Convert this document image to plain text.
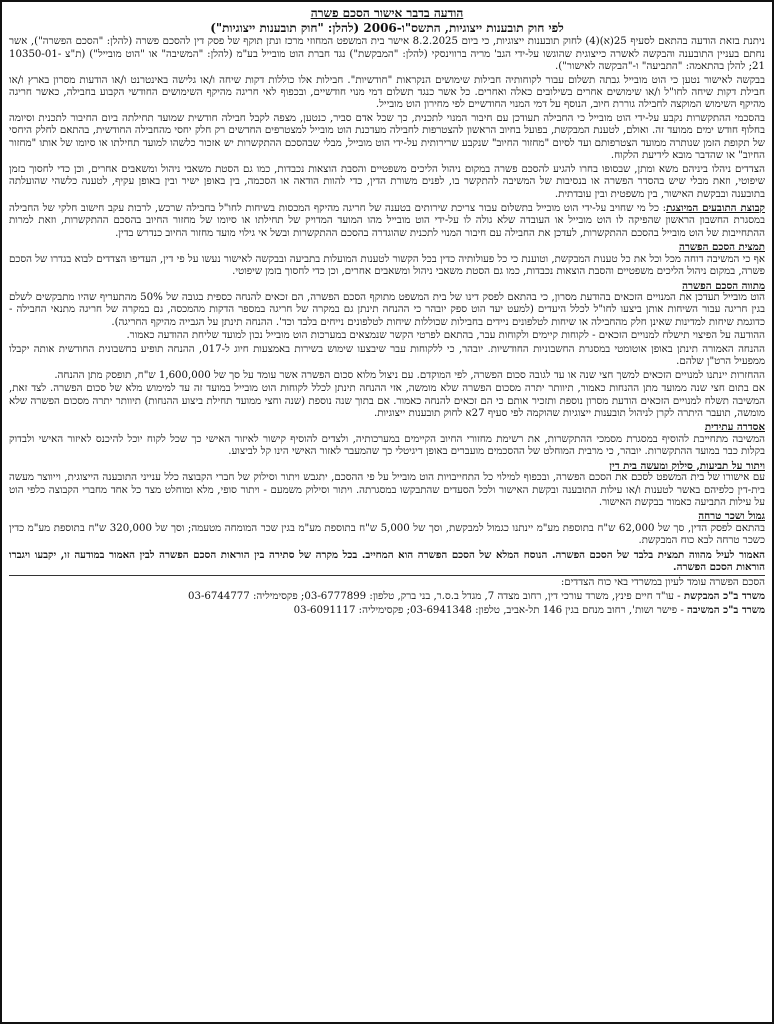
הודעה בדבר אישור הסכם פשרה
לפי חוק תובענות ייצוגיות, התשס"ו-2006 (להלן: "חוק תובענות ייצוגיות")

ניתנת בזאת הודעה בהתאם לסעיף 25(א)(4) לחוק תובענות ייצוגיות, כי ביום 8.2.2025 אישר בית המשפט המחוזי מרכז ונתן תוקף של פסק דין להסכם פשרה (להלן: "הסכם הפשרה"), אשר נחתם בעניין התובענה והבקשה לאשרה כייצוגית שהוגשו על-ידי הגב' מריה ברווינסקי (להלן: "המבקשת") נגד חברת הוט מובייל בע"מ (להלן: "המשיבה" או "הוט מובייל") (ת"צ 10350-01-21; להלן בהתאמה: "התביעה" ו-"הבקשה לאישור").

בבקשה לאישור נטען כי הוט מובייל גבתה תשלום עבור לקוחותיה חבילות שימושים הנקראות "חודשיות". חבילות אלו כוללות דקות שיחה ו/או גלישה באינטרנט ו/או הודעות מסרון בארץ ו/או חבילת דקות שיחה לחו"ל ו/או שימושים אחרים בשילובים כאלה ואחרים. כל אשר כנגד תשלום דמי מנוי חודשיים, ובכפוף לאי חריגה מהיקף השימושים החודשי הקבוע בחבילה, כאשר חריגה מהיקף השימוש המוקצה לחבילה גוררת חיוב, הנוסף על דמי המנוי החודשיים לפי מחירון הוט מובייל.

בהסכמי ההתקשרות נקבע על-ידי הוט מובייל כי החבילה תעודכן עם חיבור המנוי לתכנית, כך שכל אדם סביר, כנטען, מצפה לקבל חבילה חודשית שמועד תחילתה ביום החיבור לתכנית וסיומה בחלוף חודש ימים ממועד זה. ואולם, לטענת המבקשת, בפועל בחיוב הראשון להצטרפות לחבילה מעדכנת הוט מובייל למצטרפים החדשים רק חלק יחסי מהחבילה החודשית, בהתאם לחלק היחסי של תקופת הזמן שנותרה ממועד הצטרפותם ועד לסיום "מחזור החיוב" שנקבע שרירותית על-ידי הוט מובייל, מבלי שבהסכם ההתקשרות יש אזכור כלשהו למועד תחילתו או סיומו של אותו "מחזור החיוב" או שהדבר מובא לידיעת הלקוח.

הצדדים ניהלו ביניהם משא ומתן, שבסופו בחרו להגיע להסכם פשרה במקום ניהול הליכים משפטיים והסבת הוצאות נכבדות, כמו גם הסטת משאבי ניהול ומשאבים אחרים, וכן כדי לחסוך בזמן שיפוטי, וזאת מבלי שיש בהסדר הפשרה או בנסיבות של המשיבה להתקשר בו, לפנים משורת הדין, כדי להוות הודאה או הסכמה, בין באופן ישיר ובין באופן עקיף, לטענה כלשהי שהועלתה בתובענה ובבקשת האישור, בין משפטית ובין עובדתית.

קבוצת התובעים המיוצגת: כל מי שחויב על-ידי הוט מובייל בתשלום עבור צריכת שירותים בטענה של חריגה מהיקף המכסות בשיחות לחו"ל בחבילה שרכש, לרבות עקב חישוב חלקי של החבילה במסגרת החשבון הראשון שהפיקה לו הוט מובייל או העובדה שלא גולה לו על-ידי הוט מובייל מהו המועד המדויק של תחילתו או סיומו של מחזור החיוב בהסכם ההתקשרות, וזאת למרות ההתחייבות של הוט מובייל בהסכם ההתקשרות, לעדכן את החבילה עם חיבור המנוי לתכנית שהוגדרה בהסכם ההתקשרות ובשל אי גילוי מועד מחזור החיוב כנדרש בדין.

תמצית הסכם הפשרה

אף כי המשיבה דוחה מכל וכל את כל טענות המבקשת, וטוענת כי כל פעולותיה כדין בכל הקשור לטענות המועלות בתביעה ובבקשה לאישור נעשו על פי דין, העדיפו הצדדים לבוא בגדרו של הסכם פשרה, במקום ניהול הליכים משפטיים והסבת הוצאות נכבדות, כמו גם הסטת משאבי ניהול ומשאבים אחרים, וכן כדי לחסוך בזמן שיפוטי.

מתווה הסכם הפשרה

הוט מובייל תעדכן את המנויים הזכאים בהודעת מסרון, כי בהתאם לפסק דינו של בית המשפט מתוקף הסכם הפשרה, הם זכאים להנחה כספית בגובה של 50% מהתעריף שהיו מתבקשים לשלם בגין חריגה עבור השיחות אותן ביצעו לחו"ל לכלל היעדים (למעט יעד הוט ספק יובהר כי ההנחה תינתן גם במקרה של חריגה במספר הדקות מהמכסה, גם במקרה של חריגה מתנאי החבילה - כדוגמת שיחות למדינות שאינן חלק מהחבילה או שיחות לטלפונים ניידים בחבילות שכוללות שיחות לטלפונים נייחים בלבד וכד'. ההנחה תינתן על הגבייה מהיקף החריגה).

ההודעה על הפיצוי תישלח למנויים הזכאים - לקוחות קיימים ולקוחות עבר, בהתאם לפרטי הקשר שנמצאים במערכות הוט מובייל נכון למועד שליחת ההודעה כאמור.

ההנחה האמורה תינתן באופן אוטומטי במסגרת החשבוניות החודשיות. יובהר, כי ללקוחות עבר שיבצעו שימוש בשירות באמצעות חיוג ל-017, ההנחה תופיע בחשבונית החודשית אותה יקבלו ממפעיל הרט"ן שלהם.

ההחזרות יינתנו למנויים הזכאים למשך חצי שנה או עד לגובה סכום הפשרה, לפי המוקדם. עם ניצול מלוא סכום הפשרה אשר עומד על סך של 1,600,000 ש"ח, תופסק מתן ההנחה.

אם בתום חצי שנה ממועד מתן ההנחות כאמור, תיוותר יתרה מסכום הפשרה שלא מומשה, אזי ההנחה תינתן לכלל לקוחות הוט מובייל במועד זה עד למימוש מלא של סכום הפשרה. לצד זאת, המשיבה תשלח למנויים הזכאים הודעת מסרון נוספת ותזכיר אותם כי הם זכאים להנחה כאמור. אם בתוך שנה נוספת (שנה וחצי ממועד תחילת ביצוע ההנחות) תיוותר יתרה מסכום הפשרה שלא מומשה, תועבר היתרה לקרן לניהול תובענות ייצוגיות שהוקמה לפי סעיף 27א לחוק תובענות ייצוגיות.

אסדרה עתידית

המשיבה מתחייבת להוסיף במסגרת מסמכי ההתקשרות, את רשימת מחזורי החיוב הקיימים במערכותיה, ולצדים להוסיף קישור לאיזור האישי כך שכל לקוח יוכל להיכנס לאיזור האישי ולבדוק בקלות כבר במועד ההתקשרות. יובהר, כי מרבית המוחלט של ההסכמים מועברים באופן דיגיטלי כך שהמעבר לאזור האישי הינו קל לביצוע.

ויתור על תביעות, סילוק ומעשה בית דין

עם אישורו של בית המשפט לסכם את הסכם הפשרה, ובכפוף למילוי כל התחייבויות הוט מובייל על פי ההסכם, יתגבש ויתור וסילוק של חברי הקבוצה כלל ענייני התובענה הייצוגית, וייווצר מעשה בית-דין כלפיהם באשר לטענות ו/או עילות התובענה ובקשת האישור ולכל הסעדים שהתבקשו במסגרתה. ויתור וסילוק משמעם - ויתור סופי, מלא ומוחלט מצד כל אחד מחברי הקבוצה כלפי הוט על עילות התביעה כאמור בבקשת האישור.

גמול ושכר טרחה

בהתאם לפסק הדין, סך של 62,000 ש"ח בתוספת מע"מ יינתנו כגמול למבקשת, וסך של 5,000 ש"ח בתוספת מע"מ בגין שכר המומחה מטעמה; וסך של 320,000 ש"ח בתוספת מע"מ כדין כשכר טרחה לבא כוח המבקשת.

האמור לעיל מהווה תמצית בלבד של הסכם הפשרה. הנוסח המלא של הסכם הפשרה הוא המחייב. בכל מקרה של סתירה בין הוראות הסכם הפשרה לבין האמור במודעה זו, יקבעו ויגברו הוראות הסכם הפשרה.

הסכם הפשרה עומד לעיון במשרדי באי כוח הצדדים:

משרד ב"כ המבקשת - עו"ד חיים פינץ, משרד עורכי דין, רחוב מצדה 7, מגדל ב.ס.ר, בני ברק, טלפון: 03-6777899; פקסימיליה: 03-6744777

משרד ב"כ המשיבה - פישר ושות', רחוב מנחם בגין 146 תל-אביב, טלפון: 03-6941348; פקסימיליה: 03-6091117
